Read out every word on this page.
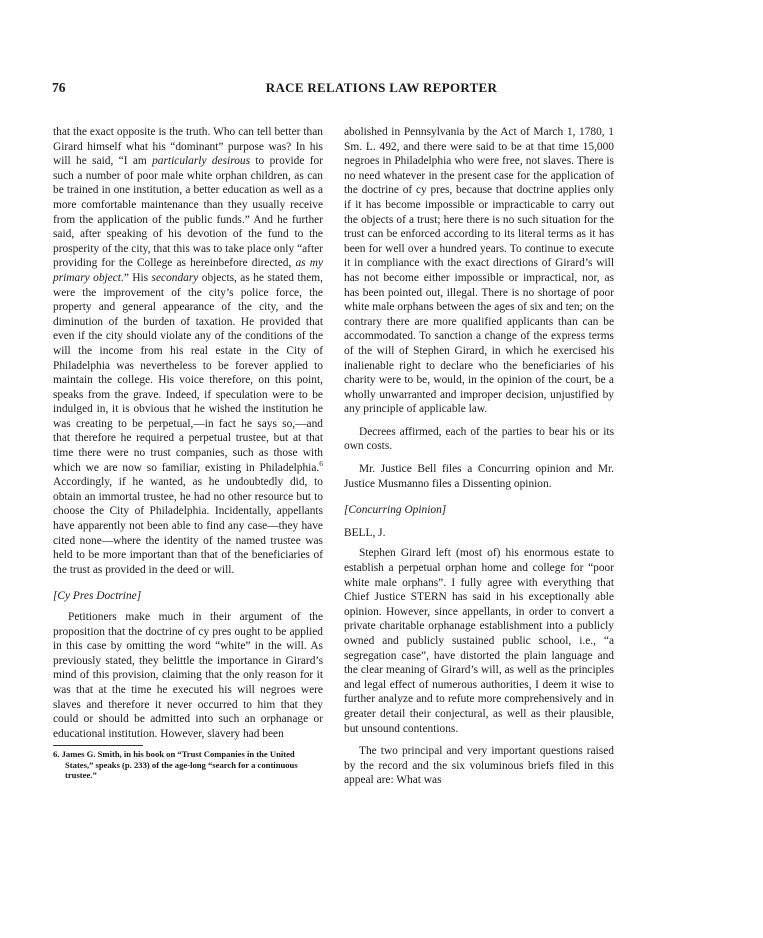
76	RACE RELATIONS LAW REPORTER

that the exact opposite is the truth. Who can tell better than Girard himself what his “dominant” purpose was? In his will he said, “I am particularly desirous to provide for such a number of poor male white orphan children, as can be trained in one institution, a better education as well as a more comfortable maintenance than they usually receive from the application of the public funds.” And he further said, after speaking of his devotion of the fund to the prosperity of the city, that this was to take place only “after providing for the College as hereinbefore directed, as my primary object.” His secondary objects, as he stated them, were the improvement of the city’s police force, the property and general appearance of the city, and the diminution of the burden of taxation. He provided that even if the city should violate any of the conditions of the will the income from his real estate in the City of Philadelphia was nevertheless to be forever applied to maintain the college. His voice therefore, on this point, speaks from the grave. Indeed, if speculation were to be indulged in, it is obvious that he wished the institution he was creating to be perpetual,—in fact he says so,—and that therefore he required a perpetual trustee, but at that time there were no trust companies, such as those with which we are now so familiar, existing in Philadelphia.$^6$ Accordingly, if he wanted, as he undoubtedly did, to obtain an immortal trustee, he had no other resource but to choose the City of Philadelphia. Incidentally, appellants have apparently not been able to find any case—they have cited none—where the identity of the named trustee was held to be more important than that of the beneficiaries of the trust as provided in the deed or will.

[Cy Pres Doctrine]

Petitioners make much in their argument of the proposition that the doctrine of cy pres ought to be applied in this case by omitting the word “white” in the will. As previously stated, they belittle the importance in Girard’s mind of this provision, claiming that the only reason for it was that at the time he executed his will negroes were slaves and therefore it never occurred to him that they could or should be admitted into such an orphanage or educational institution. However, slavery had been

6. James G. Smith, in his book on “Trust Companies in the United States,” speaks (p. 233) of the age-long “search for a continuous trustee.”

abolished in Pennsylvania by the Act of March 1, 1780, 1 Sm. L. 492, and there were said to be at that time 15,000 negroes in Philadelphia who were free, not slaves. There is no need whatever in the present case for the application of the doctrine of cy pres, because that doctrine applies only if it has become impossible or impracticable to carry out the objects of a trust; here there is no such situation for the trust can be enforced according to its literal terms as it has been for well over a hundred years. To continue to execute it in compliance with the exact directions of Girard’s will has not become either impossible or impractical, nor, as has been pointed out, illegal. There is no shortage of poor white male orphans between the ages of six and ten; on the contrary there are more qualified applicants than can be accommodated. To sanction a change of the express terms of the will of Stephen Girard, in which he exercised his inalienable right to declare who the beneficiaries of his charity were to be, would, in the opinion of the court, be a wholly unwarranted and improper decision, unjustified by any principle of applicable law.

Decrees affirmed, each of the parties to bear his or its own costs.

Mr. Justice Bell files a Concurring opinion and Mr. Justice Musmanno files a Dissenting opinion.

[Concurring Opinion]
BELL, J.

Stephen Girard left (most of) his enormous estate to establish a perpetual orphan home and college for “poor white male orphans”. I fully agree with everything that Chief Justice STERN has said in his exceptionally able opinion. However, since appellants, in order to convert a private charitable orphanage establishment into a publicly owned and publicly sustained public school, i.e., “a segregation case”, have distorted the plain language and the clear meaning of Girard’s will, as well as the principles and legal effect of numerous authorities, I deem it wise to further analyze and to refute more comprehensively and in greater detail their conjectural, as well as their plausible, but unsound contentions.

The two principal and very important questions raised by the record and the six voluminous briefs filed in this appeal are: What was
